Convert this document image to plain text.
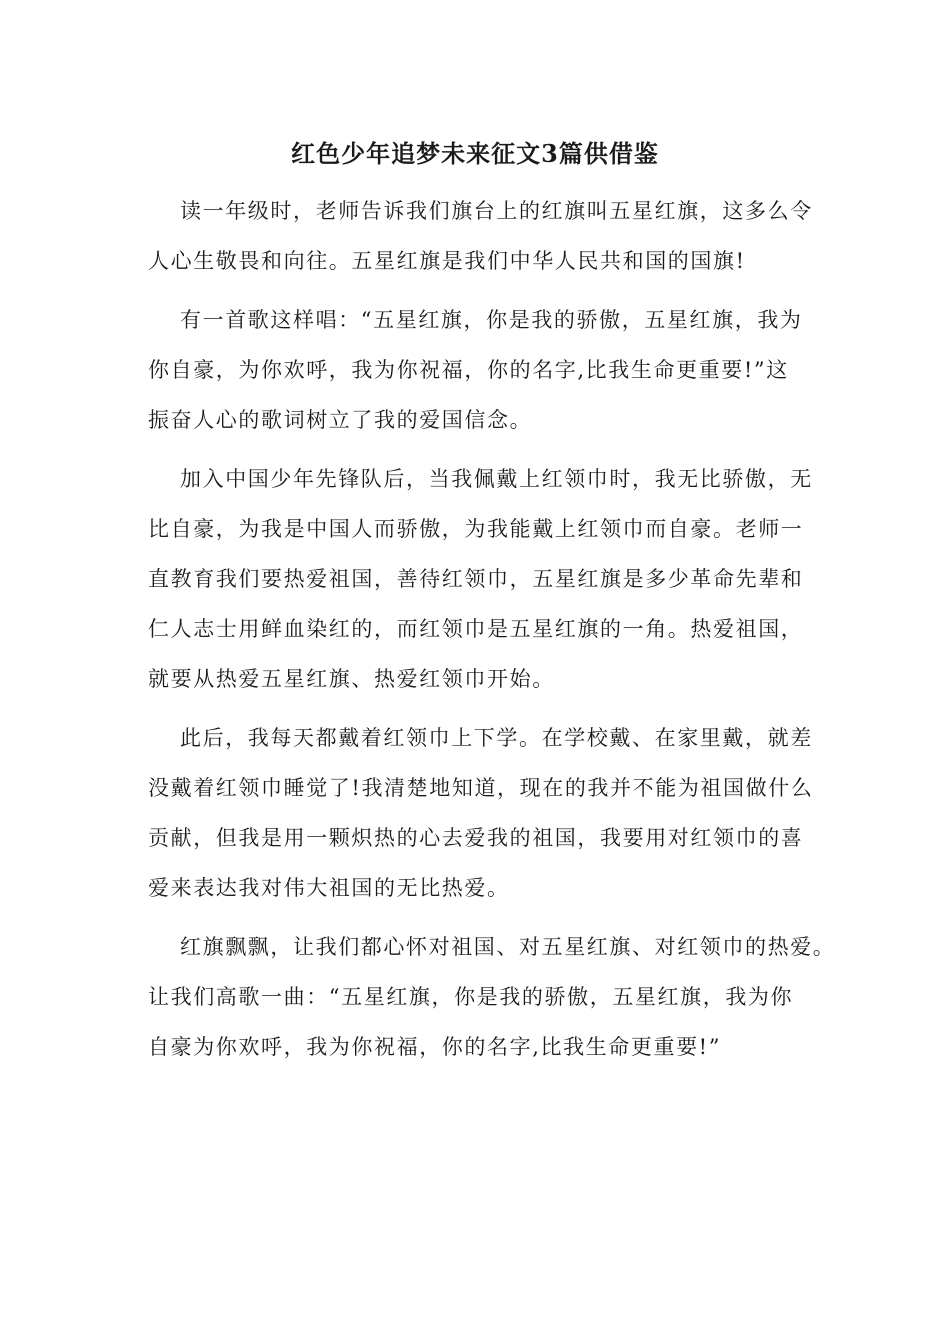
红色少年追梦未来征文3篇供借鉴
读一年级时，老师告诉我们旗台上的红旗叫五星红旗，这多么令
人心生敬畏和向往。五星红旗是我们中华人民共和国的国旗!
有一首歌这样唱：“五星红旗，你是我的骄傲，五星红旗，我为
你自豪，为你欢呼，我为你祝福，你的名字,比我生命更重要!”这
振奋人心的歌词树立了我的爱国信念。
加入中国少年先锋队后，当我佩戴上红领巾时，我无比骄傲，无
比自豪，为我是中国人而骄傲，为我能戴上红领巾而自豪。老师一
直教育我们要热爱祖国，善待红领巾，五星红旗是多少革命先辈和
仁人志士用鲜血染红的，而红领巾是五星红旗的一角。热爱祖国，
就要从热爱五星红旗、热爱红领巾开始。
此后，我每天都戴着红领巾上下学。在学校戴、在家里戴，就差
没戴着红领巾睡觉了!我清楚地知道，现在的我并不能为祖国做什么
贡献，但我是用一颗炽热的心去爱我的祖国，我要用对红领巾的喜
爱来表达我对伟大祖国的无比热爱。
红旗飘飘，让我们都心怀对祖国、对五星红旗、对红领巾的热爱。
让我们高歌一曲：“五星红旗，你是我的骄傲，五星红旗，我为你
自豪为你欢呼，我为你祝福，你的名字,比我生命更重要!”
